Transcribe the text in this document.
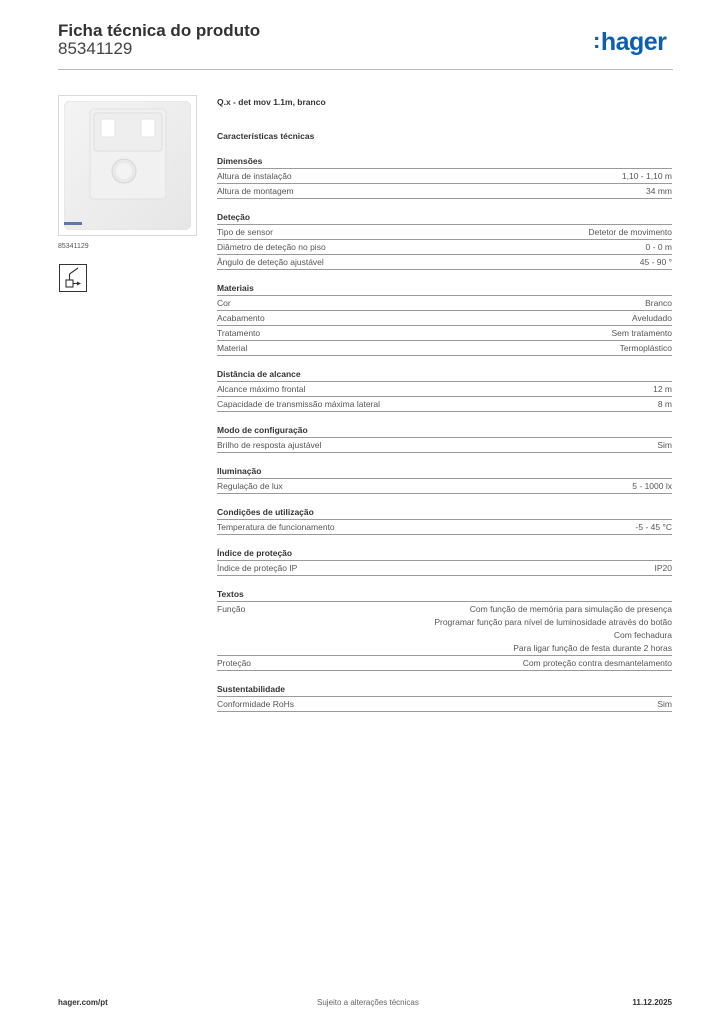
Ficha técnica do produto
85341129	:hager
85341129
Q.x - det mov 1.1m, branco
Características técnicas
Dimensões
Altura de instalação	1,10 - 1,10 m
Altura de montagem	34 mm
Deteção
Tipo de sensor	Detetor de movimento
Diâmetro de deteção no piso	0 - 0 m
Ângulo de deteção ajustável	45 - 90 °
Materiais
Cor	Branco
Acabamento	Aveludado
Tratamento	Sem tratamento
Material	Termoplástico
Distância de alcance
Alcance máximo frontal	12 m
Capacidade de transmissão máxima lateral	8 m
Modo de configuração
Brilho de resposta ajustável	Sim
Iluminação
Regulação de lux	5 - 1000 lx
Condições de utilização
Temperatura de funcionamento	-5 - 45 °C
Índice de proteção
Índice de proteção IP	IP20
Textos
Função	Com função de memória para simulação de presença
Programar função para nível de luminosidade através do botão
Com fechadura
Para ligar função de festa durante 2 horas
Proteção	Com proteção contra desmantelamento
Sustentabilidade
Conformidade RoHs	Sim
hager.com/pt	Sujeito a alterações técnicas	11.12.2025
